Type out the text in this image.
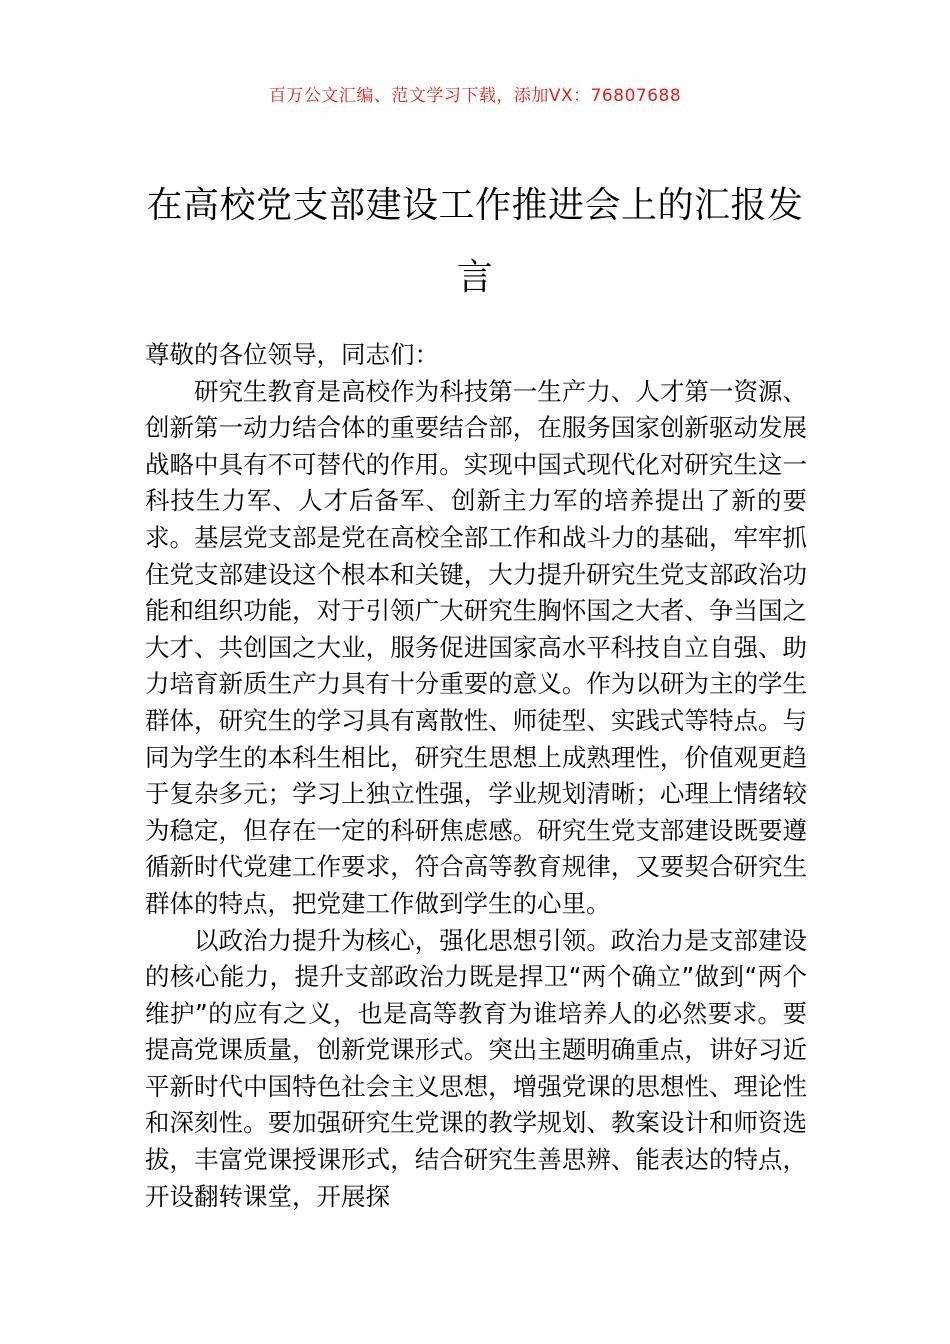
百万公文汇编、范文学习下载，添加VX：76807688
在高校党支部建设工作推进会上的汇报发言

尊敬的各位领导，同志们：

研究生教育是高校作为科技第一生产力、人才第一资源、创新第一动力结合体的重要结合部，在服务国家创新驱动发展战略中具有不可替代的作用。实现中国式现代化对研究生这一科技生力军、人才后备军、创新主力军的培养提出了新的要求。基层党支部是党在高校全部工作和战斗力的基础，牢牢抓住党支部建设这个根本和关键，大力提升研究生党支部政治功能和组织功能，对于引领广大研究生胸怀国之大者、争当国之大才、共创国之大业，服务促进国家高水平科技自立自强、助力培育新质生产力具有十分重要的意义。作为以研为主的学生群体，研究生的学习具有离散性、师徒型、实践式等特点。与同为学生的本科生相比，研究生思想上成熟理性，价值观更趋于复杂多元；学习上独立性强，学业规划清晰；心理上情绪较为稳定，但存在一定的科研焦虑感。研究生党支部建设既要遵循新时代党建工作要求，符合高等教育规律，又要契合研究生群体的特点，把党建工作做到学生的心里。

以政治力提升为核心，强化思想引领。政治力是支部建设的核心能力，提升支部政治力既是捍卫“两个确立”做到“两个维护”的应有之义，也是高等教育为谁培养人的必然要求。要提高党课质量，创新党课形式。突出主题明确重点，讲好习近平新时代中国特色社会主义思想，增强党课的思想性、理论性和深刻性。要加强研究生党课的教学规划、教案设计和师资选拔，丰富党课授课形式，结合研究生善思辨、能表达的特点，开设翻转课堂，开展探
